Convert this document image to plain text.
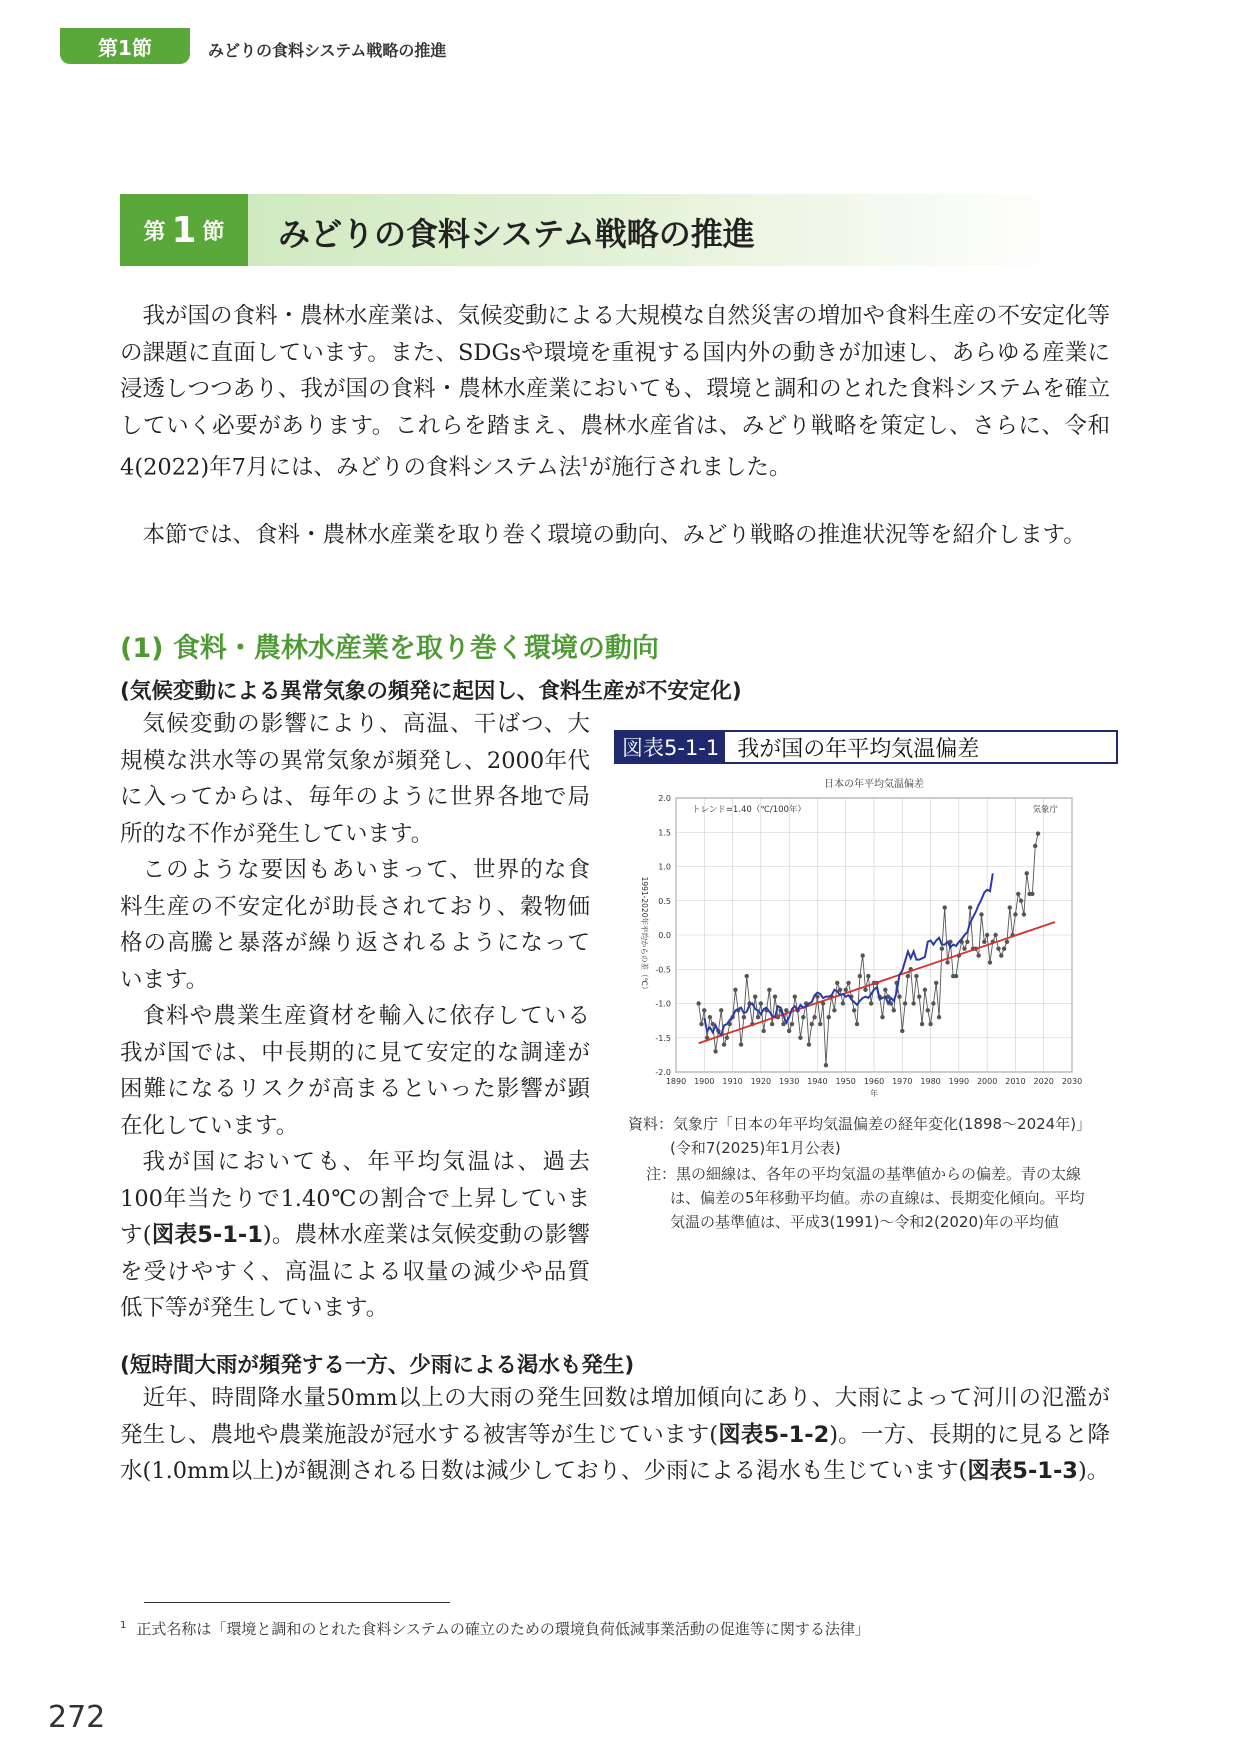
第1節	みどりの食料システム戦略の推進
第 1 節 みどりの食料システム戦略の推進

我が国の食料・農林水産業は、気候変動による大規模な自然災害の増加や食料生産の不安定化等の課題に直面しています。また、SDGsや環境を重視する国内外の動きが加速し、あらゆる産業に浸透しつつあり、我が国の食料・農林水産業においても、環境と調和のとれた食料システムを確立していく必要があります。これらを踏まえ、農林水産省は、みどり戦略を策定し、さらに、令和4(2022)年7月には、みどりの食料システム法$^1$が施行されました。

本節では、食料・農林水産業を取り巻く環境の動向、みどり戦略の推進状況等を紹介します。

(1) 食料・農林水産業を取り巻く環境の動向
(気候変動による異常気象の頻発に起因し、食料生産が不安定化)

気候変動の影響により、高温、干ばつ、大規模な洪水等の異常気象が頻発し、2000年代に入ってからは、毎年のように世界各地で局所的な不作が発生しています。

このような要因もあいまって、世界的な食料生産の不安定化が助長されており、穀物価格の高騰と暴落が繰り返されるようになっています。

食料や農業生産資材を輸入に依存している我が国では、中長期的に見て安定的な調達が困難になるリスクが高まるといった影響が顕在化しています。

我が国においても、年平均気温は、過去100年当たりで1.40℃の割合で上昇しています(図表5-1-1)。農林水産業は気候変動の影響を受けやすく、高温による収量の減少や品質低下等が発生しています。

図表5-1-1 我が国の年平均気温偏差
日本の年平均気温偏差
1890 1900 1910 1920 1930 1940 1950 1960 1970 1980 1990 2000 2010 2020 2030
-2.0
-1.5
-1.0
-0.5
0.0
0.5
1.0
1.5
2.0
年
1991-2020年平均からの差（℃）
トレンド=1.40（℃/100年）	気象庁
資料：気象庁「日本の年平均気温偏差の経年変化(1898〜2024年)」
(令和7(2025)年1月公表)
注：黒の細線は、各年の平均気温の基準値からの偏差。青の太線
は、偏差の5年移動平均値。赤の直線は、長期変化傾向。平均
気温の基準値は、平成3(1991)〜令和2(2020)年の平均値
(短時間大雨が頻発する一方、少雨による渇水も発生)

近年、時間降水量50mm以上の大雨の発生回数は増加傾向にあり、大雨によって河川の氾濫が発生し、農地や農業施設が冠水する被害等が生じています(図表5-1-2)。一方、長期的に見ると降水(1.0mm以上)が観測される日数は減少しており、少雨による渇水も生じています(図表5-1-3)。

$^1$ 正式名称は「環境と調和のとれた食料システムの確立のための環境負荷低減事業活動の促進等に関する法律」
272
